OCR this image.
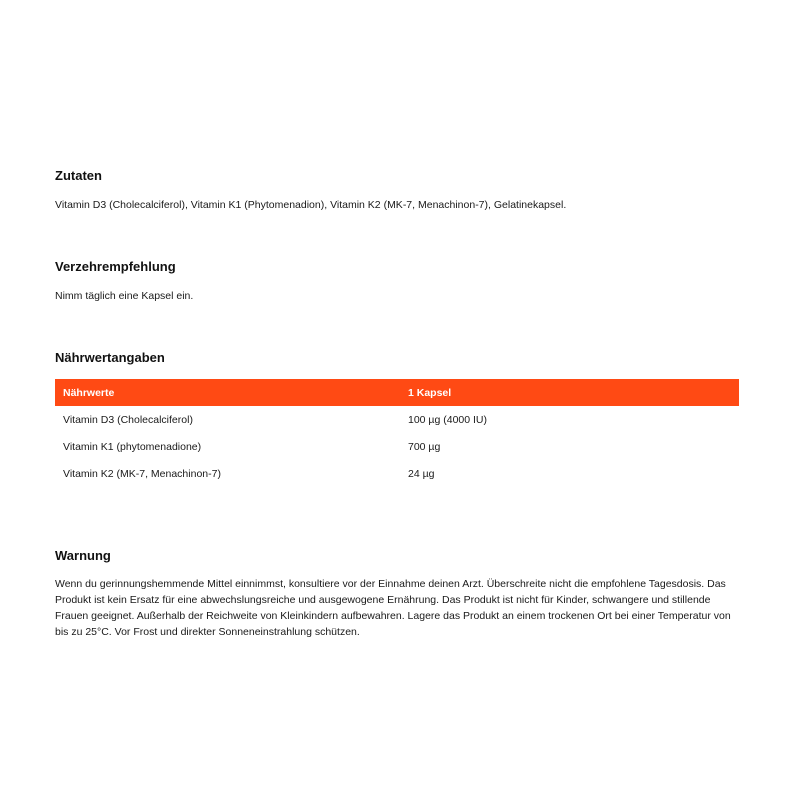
Zutaten

Vitamin D3 (Cholecalciferol), Vitamin K1 (Phytomenadion), Vitamin K2 (MK-7, Menachinon-7), Gelatinekapsel.

Verzehrempfehlung

Nimm täglich eine Kapsel ein.

Nährwertangaben
Nährwerte	1 Kapsel
Vitamin D3 (Cholecalciferol)	100 µg (4000 IU)
Vitamin K1 (phytomenadione)	700 µg
Vitamin K2 (MK-7, Menachinon-7)	24 µg
Warnung

Wenn du gerinnungshemmende Mittel einnimmst, konsultiere vor der Einnahme deinen Arzt. Überschreite nicht die empfohlene Tagesdosis. Das Produkt ist kein Ersatz für eine abwechslungsreiche und ausgewogene Ernährung. Das Produkt ist nicht für Kinder, schwangere und stillende Frauen geeignet. Außerhalb der Reichweite von Kleinkindern aufbewahren. Lagere das Produkt an einem trockenen Ort bei einer Temperatur von bis zu 25°C. Vor Frost und direkter Sonneneinstrahlung schützen.
